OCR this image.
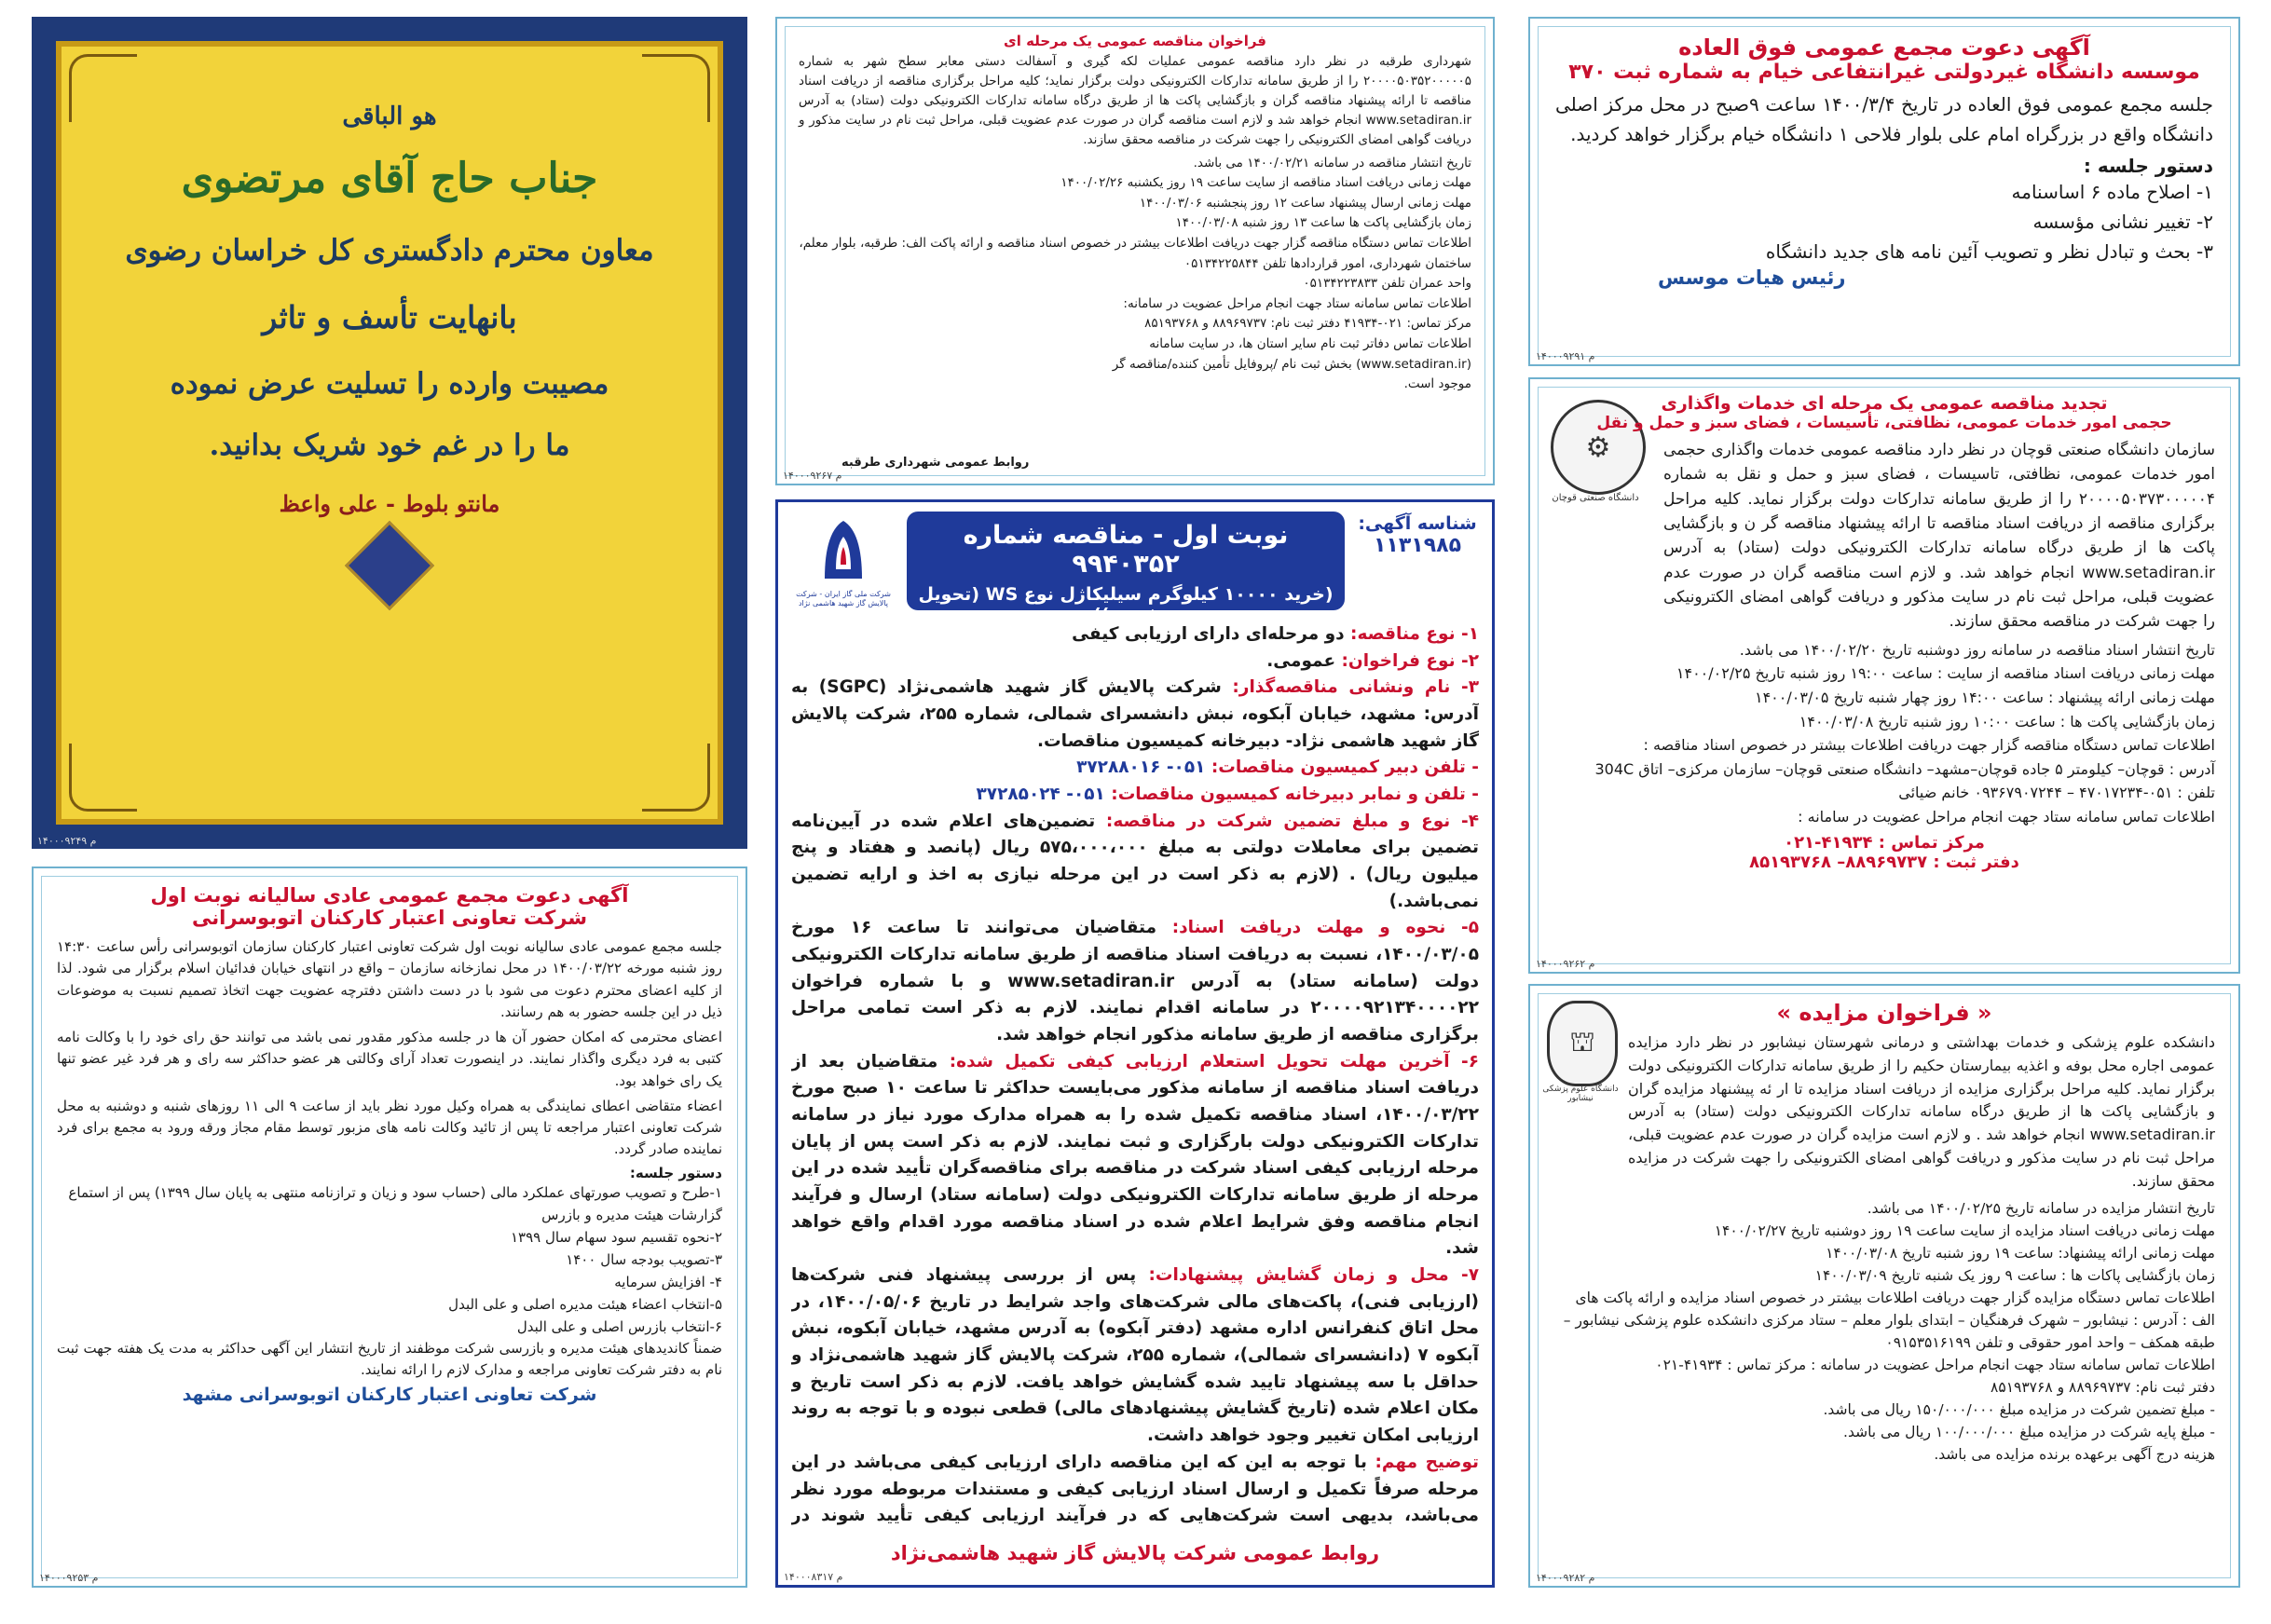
آگهی دعوت مجمع عمومی فوق العاده
موسسه دانشگاه غیردولتی غیرانتفاعی خیام به شماره ثبت ۳۷۰

جلسه مجمع عمومی فوق العاده در تاریخ ۱۴۰۰/۳/۴ ساعت ۹صبح در محل مرکز اصلی دانشگاه واقع در بزرگراه امام علی بلوار فلاحی ۱ دانشگاه خیام برگزار خواهد کردید.

دستور جلسه :
۱- اصلاح ماده ۶ اساسنامه
۲- تغییر نشانی مؤسسه
۳- بحث و تبادل نظر و تصویب آئین نامه های جدید دانشگاه
رئیس هیات موسس
۱۴۰۰۰۹۲۹۱ م
⚙
دانشگاه صنعتی قوچان
تجدید مناقصه عمومی یک مرحله ای خدمات واگذاری
حجمی امور خدمات عمومی، نظافتی، تأسیسات ، فضای سبز و حمل و نقل

سازمان دانشگاه صنعتی قوچان در نظر دارد مناقصه عمومی خدمات واگذاری حجمی امور خدمات عمومی، نظافتی، تاسیسات ، فضای سبز و حمل و نقل به شماره ۲۰۰۰۰۵۰۳۷۳۰۰۰۰۰۴ را از طریق سامانه تدارکات دولت برگزار نماید. کلیه مراحل برگزاری مناقصه از دریافت اسناد مناقصه تا ارائه پیشنهاد مناقصه گر ن و بازگشایی پاکت ها از طریق درگاه سامانه تدارکات الکترونیکی دولت (ستاد) به آدرس www.setadiran.ir انجام خواهد شد. و لازم است مناقصه گران در صورت عدم عضویت قبلی، مراحل ثبت نام در سایت مذکور و دریافت گواهی امضای الکترونیکی را جهت شرکت در مناقصه محقق سازند.

تاریخ انتشار اسناد مناقصه در سامانه روز دوشنبه تاریخ ۱۴۰۰/۰۲/۲۰ می باشد.
مهلت زمانی دریافت اسناد مناقصه از سایت : ساعت ۱۹:۰۰ روز شنبه تاریخ ۱۴۰۰/۰۲/۲۵
مهلت زمانی ارائه پیشنهاد : ساعت ۱۴:۰۰ روز چهار شنبه تاریخ ۱۴۰۰/۰۳/۰۵
زمان بازگشایی پاکت ها : ساعت ۱۰:۰۰ روز شنبه تاریخ ۱۴۰۰/۰۳/۰۸
اطلاعات تماس دستگاه مناقصه گزار جهت دریافت اطلاعات بیشتر در خصوص اسناد مناقصه :
آدرس : قوچان– کیلومتر ۵ جاده قوچان–مشهد– دانشگاه صنعتی قوچان– سازمان مرکزی– اتاق 304C
تلفن : ۰۵۱-۴۷۰۱۷۲۳۴ – ۰۹۳۶۷۹۰۷۲۴۴ خانم ضیائی
اطلاعات تماس سامانه ستاد جهت انجام مراحل عضویت در سامانه :
مرکز تماس : ۴۱۹۳۴-۰۲۱
دفتر ثبت : ۸۸۹۶۹۷۳۷– ۸۵۱۹۳۷۶۸
۱۴۰۰۰۹۲۶۲ م
⛫
دانشگاه علوم پزشکی نیشابور
« فراخوان مزایده »

دانشکده علوم پزشکی و خدمات بهداشتی و درمانی شهرستان نیشابور در نظر دارد مزایده عمومی اجاره محل بوفه و اغذیه بیمارستان حکیم را از طریق سامانه تدارکات الکترونیکی دولت برگزار نماید. کلیه مراحل برگزاری مزایده از دریافت اسناد مزایده تا ار ئه پیشنهاد مزایده گران و بازگشایی پاکت ها از طریق درگاه سامانه تدارکات الکترونیکی دولت (ستاد) به آدرس www.setadiran.ir انجام خواهد شد . و لازم است مزایده گران در صورت عدم عضویت قبلی، مراحل ثبت نام در سایت مذکور و دریافت گواهی امضای الکترونیکی را جهت شرکت در مزایده محقق سازند.

تاریخ انتشار مزایده در سامانه تاریخ ۱۴۰۰/۰۲/۲۵ می باشد.
مهلت زمانی دریافت اسناد مزایده از سایت ساعت ۱۹ روز دوشنبه تاریخ ۱۴۰۰/۰۲/۲۷
مهلت زمانی ارائه پیشنهاد: ساعت ۱۹ روز شنبه تاریخ ۱۴۰۰/۰۳/۰۸
زمان بازگشایی پاکات ها : ساعت ۹ روز یک شنبه تاریخ ۱۴۰۰/۰۳/۰۹
اطلاعات تماس دستگاه مزایده گزار جهت دریافت اطلاعات بیشتر در خصوص اسناد مزایده و ارائه پاکت های الف : آدرس : نیشابور – شهرک فرهنگیان – ابتدای بلوار معلم – ستاد مرکزی دانشکده علوم پزشکی نیشابور –طبقه همکف – واحد امور حقوقی و تلفن ۰۹۱۵۳۵۱۶۱۹۹
اطلاعات تماس سامانه ستاد جهت انجام مراحل عضویت در سامانه : مرکز تماس : ۴۱۹۳۴-۰۲۱
دفتر ثبت نام: ۸۸۹۶۹۷۳۷ و ۸۵۱۹۳۷۶۸
- مبلغ تضمین شرکت در مزایده مبلغ ۱۵۰/۰۰۰/۰۰۰ ریال می باشد.
- مبلغ پایه شرکت در مزایده مبلغ ۱۰۰/۰۰۰/۰۰۰ ریال می باشد.
هزینه درج آگهی برعهده برنده مزایده می باشد.
۱۴۰۰۰۹۲۸۲ م
فراخوان مناقصه عمومی یک مرحله ای

شهرداری طرقبه در نظر دارد مناقصه عمومی عملیات لکه گیری و آسفالت دستی معابر سطح شهر به شماره ۲۰۰۰۰۵۰۳۵۲۰۰۰۰۰۵ را از طریق سامانه تدارکات الکترونیکی دولت برگزار نماید؛ کلیه مراحل برگزاری مناقصه از دریافت اسناد مناقصه تا ارائه پیشنهاد مناقصه گران و بازگشایی پاکت ها از طریق درگاه سامانه تدارکات الکترونیکی دولت (ستاد) به آدرس www.setadiran.ir انجام خواهد شد و لازم است مناقصه گران در صورت عدم عضویت قبلی، مراحل ثبت نام در سایت مذکور و دریافت گواهی امضای الکترونیکی را جهت شرکت در مناقصه محقق سازند.

تاریخ انتشار مناقصه در سامانه ۱۴۰۰/۰۲/۲۱ می باشد.
مهلت زمانی دریافت اسناد مناقصه از سایت ساعت ۱۹ روز یکشنبه ۱۴۰۰/۰۲/۲۶
مهلت زمانی ارسال پیشنهاد ساعت ۱۲ روز پنجشنبه ۱۴۰۰/۰۳/۰۶
زمان بازگشایی پاکت ها ساعت ۱۳ روز شنبه ۱۴۰۰/۰۳/۰۸
اطلاعات تماس دستگاه مناقصه گزار جهت دریافت اطلاعات بیشتر در خصوص اسناد مناقصه و ارائه پاکت الف: طرقبه، بلوار معلم، ساختمان شهرداری، امور قراردادها تلفن ۰۵۱۳۴۲۲۵۸۴۴
واحد عمران تلفن ۰۵۱۳۴۲۲۳۸۳۳
اطلاعات تماس سامانه ستاد جهت انجام مراحل عضویت در سامانه:
مرکز تماس: ۰۲۱-۴۱۹۳۴ دفتر ثبت نام: ۸۸۹۶۹۷۳۷ و ۸۵۱۹۳۷۶۸
اطلاعات تماس دفاتر ثبت نام سایر استان ها، در سایت سامانه (www.setadiran.ir) بخش ثبت نام /پروفایل تأمین کننده/مناقصه گر موجود است.
روابط عمومی شهرداری طرقبه
۱۴۰۰۰۹۲۶۷ م
شناسه آگهی:
۱۱۳۱۹۸۵
نوبت اول - مناقصه شماره ۹۹۴۰۳۵۲
(خرید ۱۰۰۰۰ کیلوگرم سیلیکاژل نوع WS (تحویل فوری))
شرکت ملی گاز ایران - شرکت پالایش گاز شهید هاشمی نژاد

۱- نوع مناقصه: دو مرحله‌ای دارای ارزیابی کیفی

۲- نوع فراخوان: عمومی.

۳- نام ونشانی مناقصه‌گذار: شرکت پالایش گاز شهید هاشمی‌نژاد (SGPC) به آدرس: مشهد، خیابان آبکوه، نبش دانشسرای شمالی، شماره ۲۵۵، شرکت پالایش گاز شهید هاشمی نژاد- دبیرخانه کمیسیون مناقصات.

- تلفن دبیر کمیسیون مناقصات: ۰۵۱- ۳۷۲۸۸۰۱۶

- تلفن و نمابر دبیرخانه کمیسیون مناقصات: ۰۵۱- ۳۷۲۸۵۰۲۴

۴- نوع و مبلغ تضمین شرکت در مناقصه: تضمین‌های اعلام شده در آیین‌نامه تضمین برای معاملات دولتی به مبلغ ۵۷۵،۰۰۰،۰۰۰ ریال (پانصد و هفتاد و پنج میلیون ریال) . (لازم به ذکر است در این مرحله نیازی به اخذ و ارایه تضمین نمی‌باشد.)

۵- نحوه و مهلت دریافت اسناد: متقاضیان می‌توانند تا ساعت ۱۶ مورخ ۱۴۰۰/۰۳/۰۵، نسبت به دریافت اسناد مناقصه از طریق سامانه تدارکات الکترونیکی دولت (سامانه ستاد) به آدرس www.setadiran.ir و با شماره فراخوان ۲۰۰۰۰۹۲۱۳۴۰۰۰۰۲۲ در سامانه اقدام نمایند. لازم به ذکر است تمامی مراحل برگزاری مناقصه از طریق سامانه مذکور انجام خواهد شد.

۶- آخرین مهلت تحویل استعلام ارزیابی کیفی تکمیل شده: متقاضیان بعد از دریافت اسناد مناقصه از سامانه مذکور می‌بایست حداکثر تا ساعت ۱۰ صبح مورخ ۱۴۰۰/۰۳/۲۲، اسناد مناقصه تکمیل شده را به همراه مدارک مورد نیاز در سامانه تدارکات الکترونیکی دولت بارگزاری و ثبت نمایند. لازم به ذکر است پس از پایان مرحله ارزیابی کیفی اسناد شرکت در مناقصه برای مناقصه‌گران تأیید شده در این مرحله از طریق سامانه تدارکات الکترونیکی دولت (سامانه ستاد) ارسال و فرآیند انجام مناقصه وفق شرایط اعلام شده در اسناد مناقصه مورد اقدام واقع خواهد شد.

۷- محل و زمان گشایش پیشنهادات: پس از بررسی پیشنهاد فنی شرکت‌ها (ارزیابی فنی)، پاکت‌های مالی شرکت‌های واجد شرایط در تاریخ ۱۴۰۰/۰۵/۰۶، در محل اتاق کنفرانس اداره مشهد (دفتر آبکوه) به آدرس مشهد، خیابان آبکوه، نبش آبکوه ۷ (دانشسرای شمالی)، شماره ۲۵۵، شرکت پالایش گاز شهید هاشمی‌نژاد و حداقل با سه پیشنهاد تایید شده گشایش خواهد یافت. لازم به ذکر است تاریخ و مکان اعلام شده (تاریخ گشایش پیشنهادهای مالی) قطعی نبوده و با توجه به روند ارزیابی امکان تغییر وجود خواهد داشت.

توضیح مهم: با توجه به این که این مناقصه دارای ارزیابی کیفی می‌باشد در این مرحله صرفاً تکمیل و ارسال اسناد ارزیابی کیفی و مستندات مربوطه مورد نظر می‌باشد، بدیهی است شرکت‌هایی که در فرآیند ارزیابی کیفی تأیید شوند در

روابط عمومی شرکت پالایش گاز شهید هاشمی‌نژاد
۱۴۰۰۰۸۳۱۷ م
هو الباقی
جناب حاج آقای مرتضوی
معاون محترم دادگستری کل خراسان رضوی
بانهایت تأسف و تاثر
مصیبت وارده را تسلیت عرض نموده
ما را در غم خود شریک بدانید.
مانتو بلوط - علی واعظ
۱۴۰۰۰۹۲۴۹ م
آگهی دعوت مجمع عمومی عادی سالیانه نوبت اول
شرکت تعاونی اعتبار کارکنان اتوبوسرانی

جلسه مجمع عمومی عادی سالیانه نوبت اول شرکت تعاونی اعتبار کارکنان سازمان اتوبوسرانی رأس ساعت ۱۴:۳۰ روز شنبه مورخه ۱۴۰۰/۰۳/۲۲ در محل نمازخانه سازمان – واقع در انتهای خیابان فدائیان اسلام برگزار می شود. لذا از کلیه اعضای محترم دعوت می شود با در دست داشتن دفترچه عضویت جهت اتخاذ تصمیم نسبت به موضوعات ذیل در این جلسه حضور به هم رسانند.

اعضای محترمی که امکان حضور آن ها در جلسه مذکور مقدور نمی باشد می توانند حق رای خود را با وکالت نامه کتبی به فرد دیگری واگذار نمایند. در اینصورت تعداد آرای وکالتی هر عضو حداکثر سه رای و هر فرد غیر عضو تنها یک رای خواهد بود.

اعضاء متقاضی اعطای نمایندگی به همراه وکیل مورد نظر باید از ساعت ۹ الی ۱۱ روزهای شنبه و دوشنبه به محل شرکت تعاونی اعتبار مراجعه تا پس از تائید وکالت نامه های مزبور توسط مقام مجاز ورقه ورود به مجمع برای فرد نماینده صادر گردد.

دستور جلسه:
۱-طرح و تصویب صورتهای عملکرد مالی (حساب سود و زیان و ترازنامه منتهی به پایان سال ۱۳۹۹) پس از استماع گزارشات هیئت مدیره و بازرس
۲-نحوه تقسیم سود سهام سال ۱۳۹۹
۳-تصویب بودجه سال ۱۴۰۰
۴- افزایش سرمایه
۵-انتخاب اعضاء هیئت مدیره اصلی و علی البدل
۶-انتخاب بازرس اصلی و علی البدل

ضمناً کاندیدهای هیئت مدیره و بازرسی شرکت موظفند از تاریخ انتشار این آگهی حداکثر به مدت یک هفته جهت ثبت نام به دفتر شرکت تعاونی مراجعه و مدارک لازم را ارائه نمایند.

شرکت تعاونی اعتبار کارکنان اتوبوسرانی مشهد
۱۴۰۰۰۹۲۵۳ م
